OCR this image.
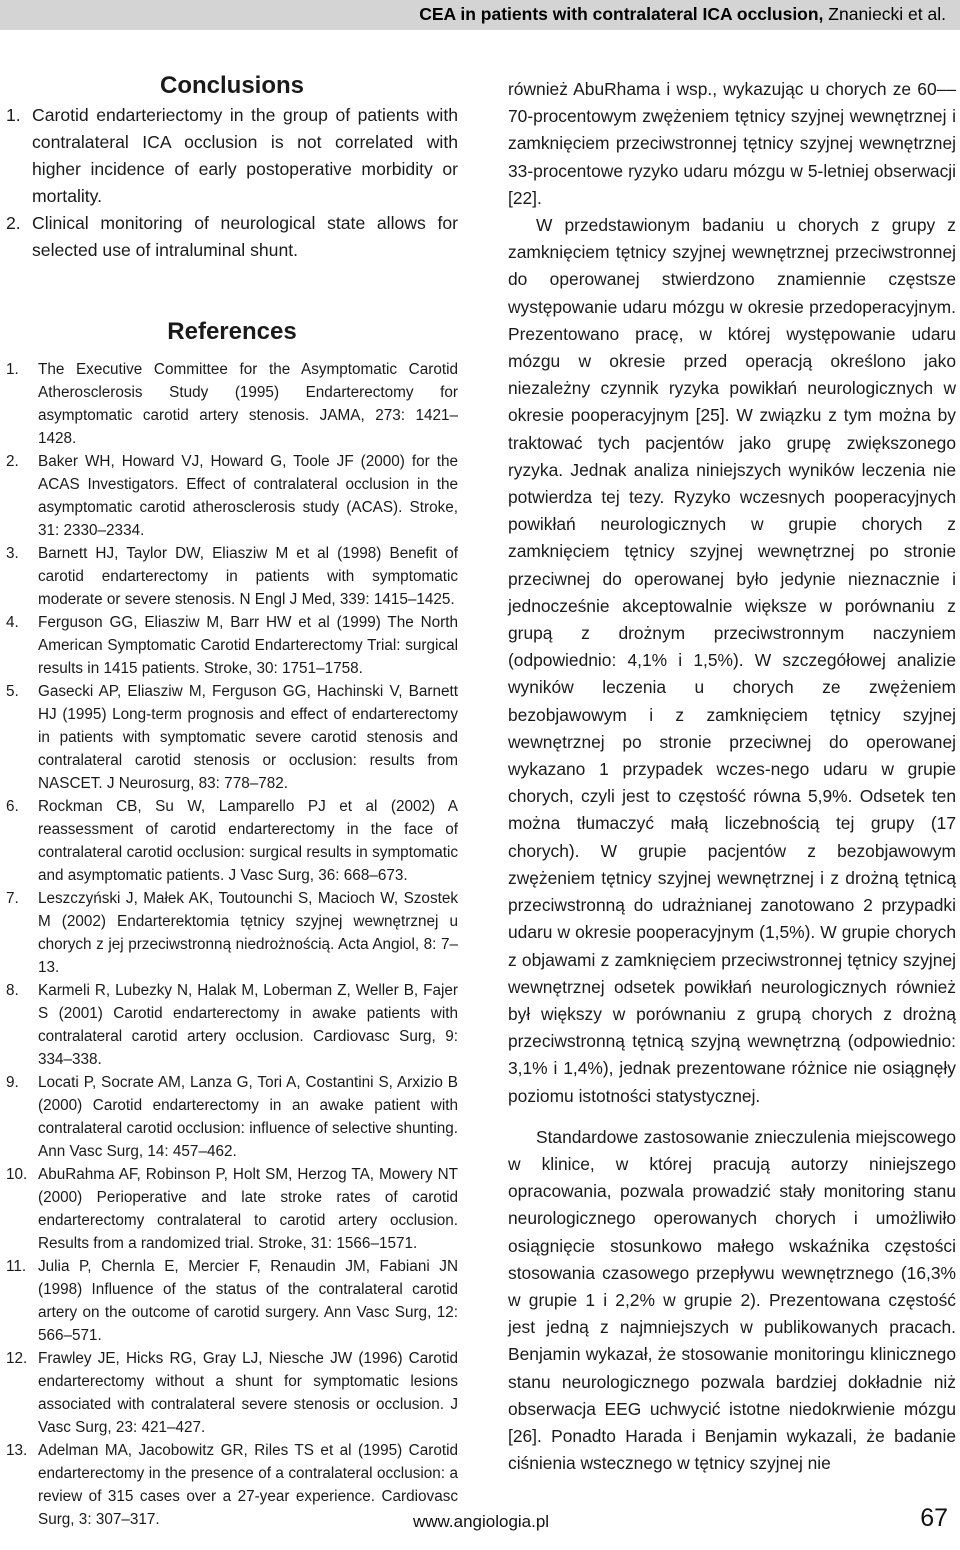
CEA in patients with contralateral ICA occlusion, Znaniecki et al.
Conclusions
1. Carotid endarteriectomy in the group of patients with contralateral ICA occlusion is not correlated with higher incidence of early postoperative morbidity or mortality.
2. Clinical monitoring of neurological state allows for selected use of intraluminal shunt.
References
1. The Executive Committee for the Asymptomatic Carotid Atherosclerosis Study (1995) Endarterectomy for asymptomatic carotid artery stenosis. JAMA, 273: 1421–1428.
2. Baker WH, Howard VJ, Howard G, Toole JF (2000) for the ACAS Investigators. Effect of contralateral occlusion in the asymptomatic carotid atherosclerosis study (ACAS). Stroke, 31: 2330–2334.
3. Barnett HJ, Taylor DW, Eliasziw M et al (1998) Benefit of carotid endarterectomy in patients with symptomatic moderate or severe stenosis. N Engl J Med, 339: 1415–1425.
4. Ferguson GG, Eliasziw M, Barr HW et al (1999) The North American Symptomatic Carotid Endarterectomy Trial: surgical results in 1415 patients. Stroke, 30: 1751–1758.
5. Gasecki AP, Eliasziw M, Ferguson GG, Hachinski V, Barnett HJ (1995) Long-term prognosis and effect of endarterectomy in patients with symptomatic severe carotid stenosis and contralateral carotid stenosis or occlusion: results from NASCET. J Neurosurg, 83: 778–782.
6. Rockman CB, Su W, Lamparello PJ et al (2002) A reassessment of carotid endarterectomy in the face of contralateral carotid occlusion: surgical results in symptomatic and asymptomatic patients. J Vasc Surg, 36: 668–673.
7. Leszczyński J, Małek AK, Toutounchi S, Macioch W, Szostek M (2002) Endarterektomia tętnicy szyjnej wewnętrznej u chorych z jej przeciwstronną niedrożnością. Acta Angiol, 8: 7–13.
8. Karmeli R, Lubezky N, Halak M, Loberman Z, Weller B, Fajer S (2001) Carotid endarterectomy in awake patients with contralateral carotid artery occlusion. Cardiovasc Surg, 9: 334–338.
9. Locati P, Socrate AM, Lanza G, Tori A, Costantini S, Arxizio B (2000) Carotid endarterectomy in an awake patient with contralateral carotid occlusion: influence of selective shunting. Ann Vasc Surg, 14: 457–462.
10. AbuRahma AF, Robinson P, Holt SM, Herzog TA, Mowery NT (2000) Perioperative and late stroke rates of carotid endarterectomy contralateral to carotid artery occlusion. Results from a randomized trial. Stroke, 31: 1566–1571.
11. Julia P, Chernla E, Mercier F, Renaudin JM, Fabiani JN (1998) Influence of the status of the contralateral carotid artery on the outcome of carotid surgery. Ann Vasc Surg, 12: 566–571.
12. Frawley JE, Hicks RG, Gray LJ, Niesche JW (1996) Carotid endarterectomy without a shunt for symptomatic lesions associated with contralateral severe stenosis or occlusion. J Vasc Surg, 23: 421–427.
13. Adelman MA, Jacobowitz GR, Riles TS et al (1995) Carotid endarterectomy in the presence of a contralateral occlusion: a review of 315 cases over a 27-year experience. Cardiovasc Surg, 3: 307–317.

również AbuRhama i wsp., wykazując u chorych ze 60––70-procentowym zwężeniem tętnicy szyjnej wewnętrznej i zamknięciem przeciwstronnej tętnicy szyjnej wewnętrznej 33-procentowe ryzyko udaru mózgu w 5-letniej obserwacji [22].

W przedstawionym badaniu u chorych z grupy z zamknięciem tętnicy szyjnej wewnętrznej przeciwstronnej do operowanej stwierdzono znamiennie częstsze występowanie udaru mózgu w okresie przedoperacyjnym. Prezentowano pracę, w której występowanie udaru mózgu w okresie przed operacją określono jako niezależny czynnik ryzyka powikłań neurologicznych w okresie pooperacyjnym [25]. W związku z tym można by traktować tych pacjentów jako grupę zwiększonego ryzyka. Jednak analiza niniejszych wyników leczenia nie potwierdza tej tezy. Ryzyko wczesnych pooperacyjnych powikłań neurologicznych w grupie chorych z zamknięciem tętnicy szyjnej wewnętrznej po stronie przeciwnej do operowanej było jedynie nieznacznie i jednocześnie akceptowalnie większe w porównaniu z grupą z drożnym przeciwstronnym naczyniem (odpowiednio: 4,1% i 1,5%). W szczegółowej analizie wyników leczenia u chorych ze zwężeniem bezobjawowym i z zamknięciem tętnicy szyjnej wewnętrznej po stronie przeciwnej do operowanej wykazano 1 przypadek wczes-nego udaru w grupie chorych, czyli jest to częstość równa 5,9%. Odsetek ten można tłumaczyć małą liczebnością tej grupy (17 chorych). W grupie pacjentów z bezobjawowym zwężeniem tętnicy szyjnej wewnętrznej i z drożną tętnicą przeciwstronną do udrażnianej zanotowano 2 przypadki udaru w okresie pooperacyjnym (1,5%). W grupie chorych z objawami z zamknięciem przeciwstronnej tętnicy szyjnej wewnętrznej odsetek powikłań neurologicznych również był większy w porównaniu z grupą chorych z drożną przeciwstronną tętnicą szyjną wewnętrzną (odpowiednio: 3,1% i 1,4%), jednak prezentowane różnice nie osiągnęły poziomu istotności statystycznej.

Standardowe zastosowanie znieczulenia miejscowego w klinice, w której pracują autorzy niniejszego opracowania, pozwala prowadzić stały monitoring stanu neurologicznego operowanych chorych i umożliwiło osiągnięcie stosunkowo małego wskaźnika częstości stosowania czasowego przepływu wewnętrznego (16,3% w grupie 1 i 2,2% w grupie 2). Prezentowana częstość jest jedną z najmniejszych w publikowanych pracach. Benjamin wykazał, że stosowanie monitoringu klinicznego stanu neurologicznego pozwala bardziej dokładnie niż obserwacja EEG uchwycić istotne niedokrwienie mózgu [26]. Ponadto Harada i Benjamin wykazali, że badanie ciśnienia wstecznego w tętnicy szyjnej nie

www.angiologia.pl	67
